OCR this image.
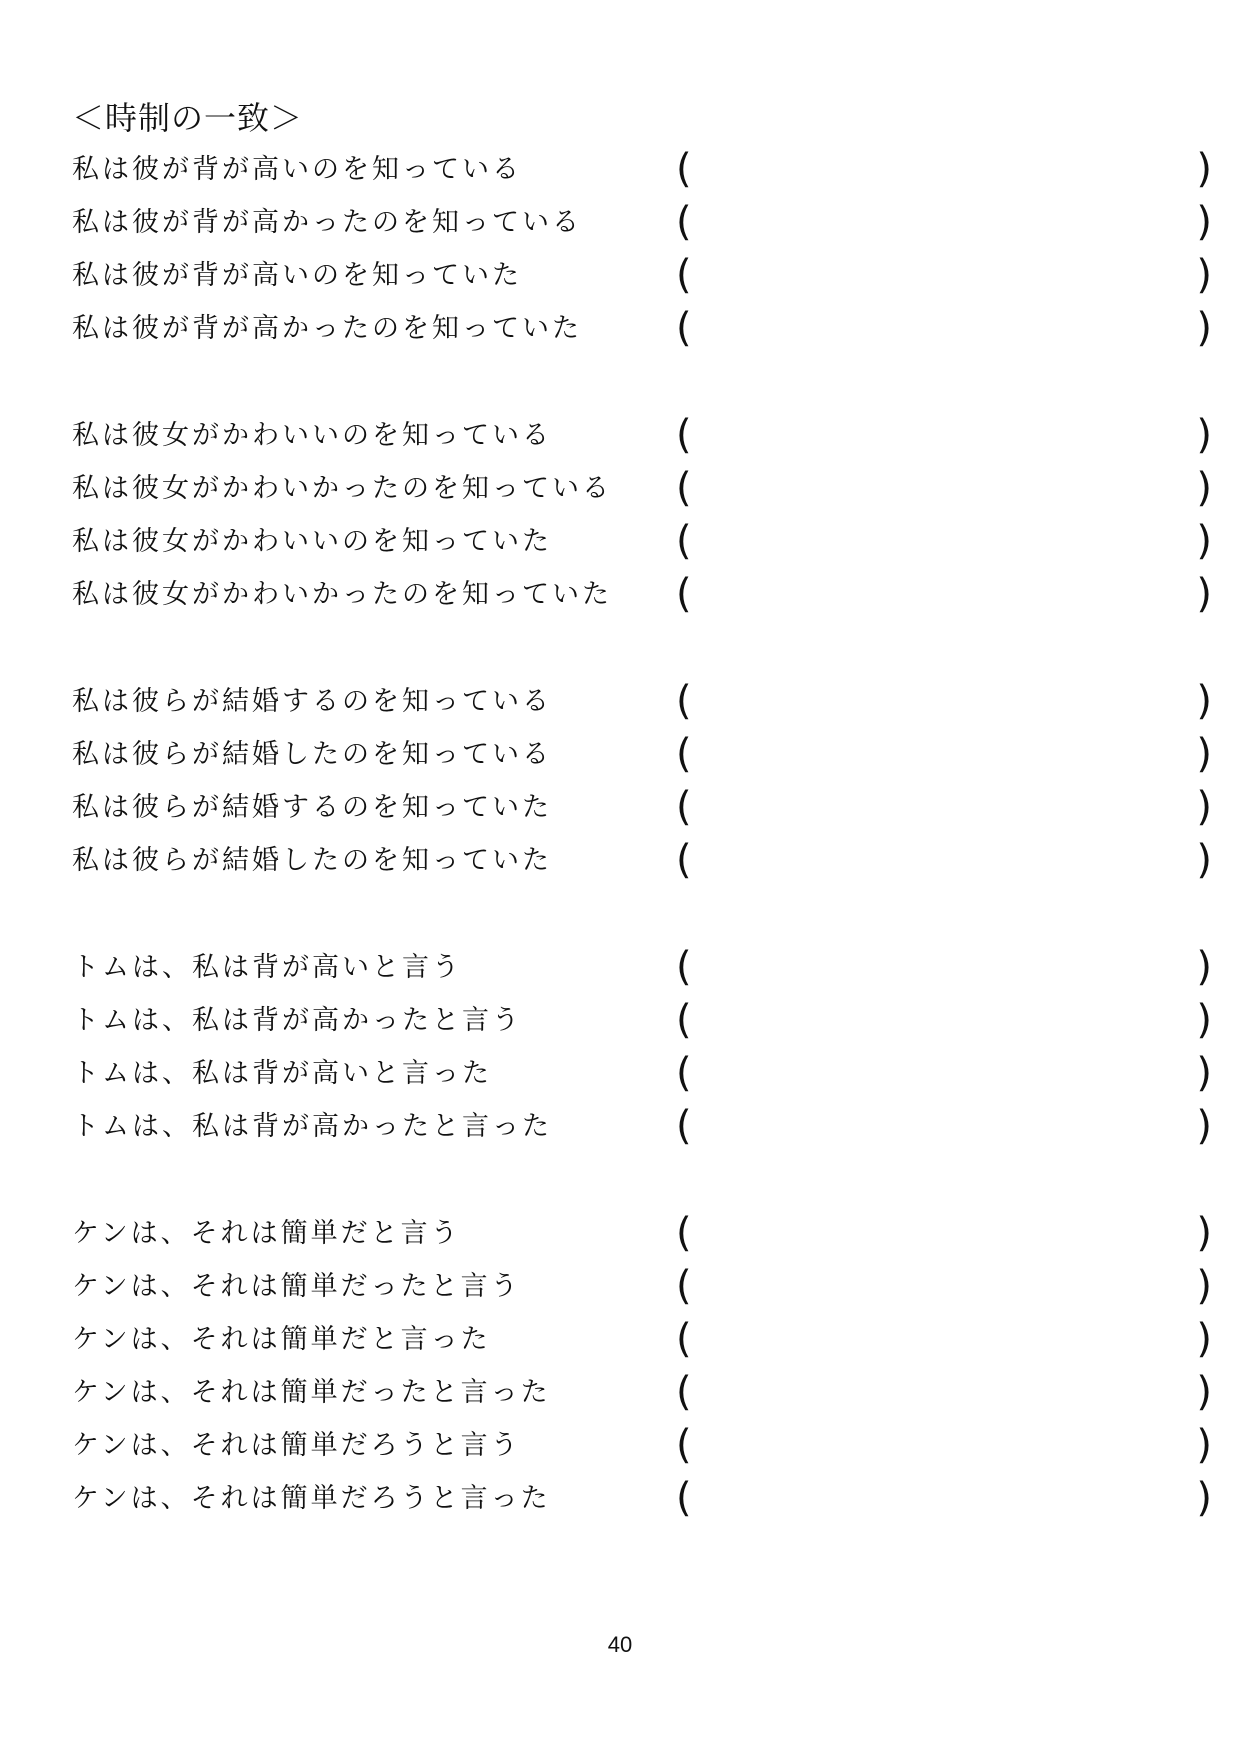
＜時制の一致＞
私は彼が背が高いのを知っている	(	)
私は彼が背が高かったのを知っている (	)
私は彼が背が高いのを知っていた	(	)
私は彼が背が高かったのを知っていた (	)
私は彼女がかわいいのを知っている	(	)
私は彼女がかわいかったのを知っている (	)
私は彼女がかわいいのを知っていた	(	)
私は彼女がかわいかったのを知っていた (	)
私は彼らが結婚するのを知っている	(	)
私は彼らが結婚したのを知っている	(	)
私は彼らが結婚するのを知っていた	(	)
私は彼らが結婚したのを知っていた	(	)
トムは、私は背が高いと言う	(	)
トムは、私は背が高かったと言う	(	)
トムは、私は背が高いと言った	(	)
トムは、私は背が高かったと言った	(	)
ケンは、それは簡単だと言う	(	)
ケンは、それは簡単だったと言う	(	)
ケンは、それは簡単だと言った	(	)
ケンは、それは簡単だったと言った	(	)
ケンは、それは簡単だろうと言う	(	)
ケンは、それは簡単だろうと言った	(	)
40
